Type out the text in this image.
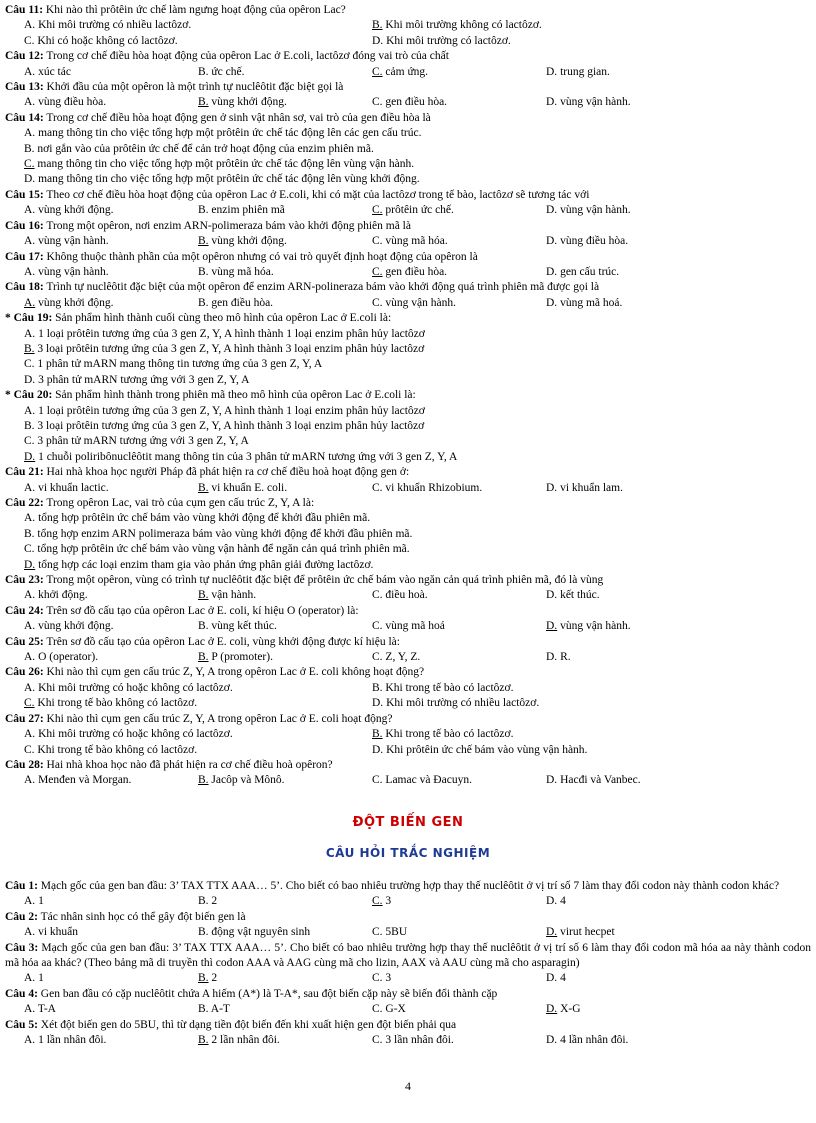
Câu 11: Khi nào thì prôtêin ức chế làm ngưng hoạt động của opêron Lac?
A. Khi môi trường có nhiều lactôzơ.	B. Khi môi trường không có lactôzơ.
C. Khi có hoặc không có lactôzơ.	D. Khi môi trường có lactôzơ.
Câu 12: Trong cơ chế điều hòa hoạt động của opêron Lac ở E.coli, lactôzơ đóng vai trò của chất
A. xúc tác	B. ức chế.	C. cảm ứng.	D. trung gian.
Câu 13: Khởi đầu của một opêron là một trình tự nuclêôtit đặc biệt gọi là
A. vùng điều hòa.	B. vùng khởi động.	C. gen điều hòa.	D. vùng vận hành.
Câu 14: Trong cơ chế điều hòa hoạt động gen ở sinh vật nhân sơ, vai trò của gen điều hòa là
A. mang thông tin cho việc tổng hợp một prôtêin ức chế tác động lên các gen cấu trúc.
B. nơi gắn vào của prôtêin ức chế để cản trở hoạt động của enzim phiên mã.
C. mang thông tin cho việc tổng hợp một prôtêin ức chế tác động lên vùng vận hành.
D. mang thông tin cho việc tổng hợp một prôtêin ức chế tác động lên vùng khởi động.
Câu 15: Theo cơ chế điều hòa hoạt động của opêron Lac ở E.coli, khi có mặt của lactôzơ trong tế bào, lactôzơ sẽ tương tác với
A. vùng khởi động.	B. enzim phiên mã	C. prôtêin ức chế.	D. vùng vận hành.
Câu 16: Trong một opêron, nơi enzim ARN-polimeraza bám vào khởi động phiên mã là
A. vùng vận hành.	B. vùng khởi động.	C. vùng mã hóa.	D. vùng điều hòa.
Câu 17: Không thuộc thành phần của một opêron nhưng có vai trò quyết định hoạt động của opêron là
A. vùng vận hành.	B. vùng mã hóa.	C. gen điều hòa.	D. gen cấu trúc.
Câu 18: Trình tự nuclêôtit đặc biệt của một opêron để enzim ARN-polineraza bám vào khởi động quá trình phiên mã được gọi là
A. vùng khởi động.	B. gen điều hòa.	C. vùng vận hành.	D. vùng mã hoá.
* Câu 19: Sản phẩm hình thành cuối cùng theo mô hình của opêron Lac ở E.coli là:
A. 1 loại prôtêin tương ứng của 3 gen Z, Y, A hình thành 1 loại enzim phân hủy lactôzơ
B. 3 loại prôtêin tương ứng của 3 gen Z, Y, A hình thành 3 loại enzim phân hủy lactôzơ
C. 1 phân tử mARN mang thông tin tương ứng của 3 gen Z, Y, A
D. 3 phân tử mARN tương ứng với 3 gen Z, Y, A
* Câu 20: Sản phẩm hình thành trong phiên mã theo mô hình của opêron Lac ở E.coli là:
A. 1 loại prôtêin tương ứng của 3 gen Z, Y, A hình thành 1 loại enzim phân hủy lactôzơ
B. 3 loại prôtêin tương ứng của 3 gen Z, Y, A hình thành 3 loại enzim phân hủy lactôzơ
C. 3 phân tử mARN tương ứng với 3 gen Z, Y, A
D. 1 chuỗi poliribônuclêôtit mang thông tin của 3 phân tử mARN tương ứng với 3 gen Z, Y, A
Câu 21: Hai nhà khoa học người Pháp đã phát hiện ra cơ chế điều hoà hoạt động gen ở:
A. vi khuẩn lactic.	B. vi khuẩn E. coli.	C. vi khuẩn Rhizobium.	D. vi khuẩn lam.
Câu 22: Trong opêron Lac, vai trò của cụm gen cấu trúc Z, Y, A là:
A. tổng hợp prôtêin ức chế bám vào vùng khởi động để khởi đầu phiên mã.
B. tổng hợp enzim ARN polimeraza bám vào vùng khởi động để khởi đầu phiên mã.
C. tổng hợp prôtêin ức chế bám vào vùng vận hành để ngăn cản quá trình phiên mã.
D. tổng hợp các loại enzim tham gia vào phản ứng phân giải đường lactôzơ.
Câu 23: Trong một opêron, vùng có trình tự nuclêôtit đặc biệt để prôtêin ức chế bám vào ngăn cản quá trình phiên mã, đó là vùng
A. khởi động.	B. vận hành.	C. điều hoà.	D. kết thúc.
Câu 24: Trên sơ đồ cấu tạo của opêron Lac ở E. coli, kí hiệu O (operator) là:
A. vùng khởi động.	B. vùng kết thúc.	C. vùng mã hoá	D. vùng vận hành.
Câu 25: Trên sơ đồ cấu tạo của opêron Lac ở E. coli, vùng khởi động được kí hiệu là:
A. O (operator).	B. P (promoter).	C. Z, Y, Z.	D. R.
Câu 26: Khi nào thì cụm gen cấu trúc Z, Y, A trong opêron Lac ở E. coli không hoạt động?
A. Khi môi trường có hoặc không có lactôzơ.	B. Khi trong tế bào có lactôzơ.
C. Khi trong tế bào không có lactôzơ.	D. Khi môi trường có nhiều lactôzơ.
Câu 27: Khi nào thì cụm gen cấu trúc Z, Y, A trong opêron Lac ở E. coli hoạt động?
A. Khi môi trường có hoặc không có lactôzơ.	B. Khi trong tế bào có lactôzơ.
C. Khi trong tế bào không có lactôzơ.	D. Khi prôtêin ức chế bám vào vùng vận hành.
Câu 28: Hai nhà khoa học nào đã phát hiện ra cơ chế điều hoà opêron?
A. Menđen và Morgan.	B. Jacôp và Mônô.	C. Lamac và Đacuyn.	D. Hacđi và Vanbec.
ĐỘT BIẾN GEN
CÂU HỎI TRẮC NGHIỆM
Câu 1: Mạch gốc của gen ban đầu: 3’ TAX TTX AAA… 5’. Cho biết có bao nhiêu trường hợp thay thế nuclêôtit ở vị trí số 7 làm thay đổi codon này thành codon khác?
A. 1	B. 2	C. 3	D. 4
Câu 2: Tác nhân sinh học có thể gây đột biến gen là
A. vi khuẩn	B. động vật nguyên sinh	C. 5BU	D. virut hecpet
Câu 3: Mạch gốc của gen ban đầu: 3’ TAX TTX AAA… 5’. Cho biết có bao nhiêu trường hợp thay thế nuclêôtit ở vị trí số 6 làm thay đổi codon mã hóa aa này thành codon mã hóa aa khác? (Theo bảng mã di truyền thì codon AAA và AAG cùng mã cho lizin, AAX và AAU cùng mã cho asparagin)
A. 1	B. 2	C. 3	D. 4
Câu 4: Gen ban đầu có cặp nuclêôtit chứa A hiếm (A*) là T-A*, sau đột biến cặp này sẽ biến đổi thành cặp
A. T-A	B. A-T	C. G-X	D. X-G
Câu 5: Xét đột biến gen do 5BU, thì từ dạng tiền đột biến đến khi xuất hiện gen đột biến phải qua
A. 1 lần nhân đôi.	B. 2 lần nhân đôi.	C. 3 lần nhân đôi.	D. 4 lần nhân đôi.
4
